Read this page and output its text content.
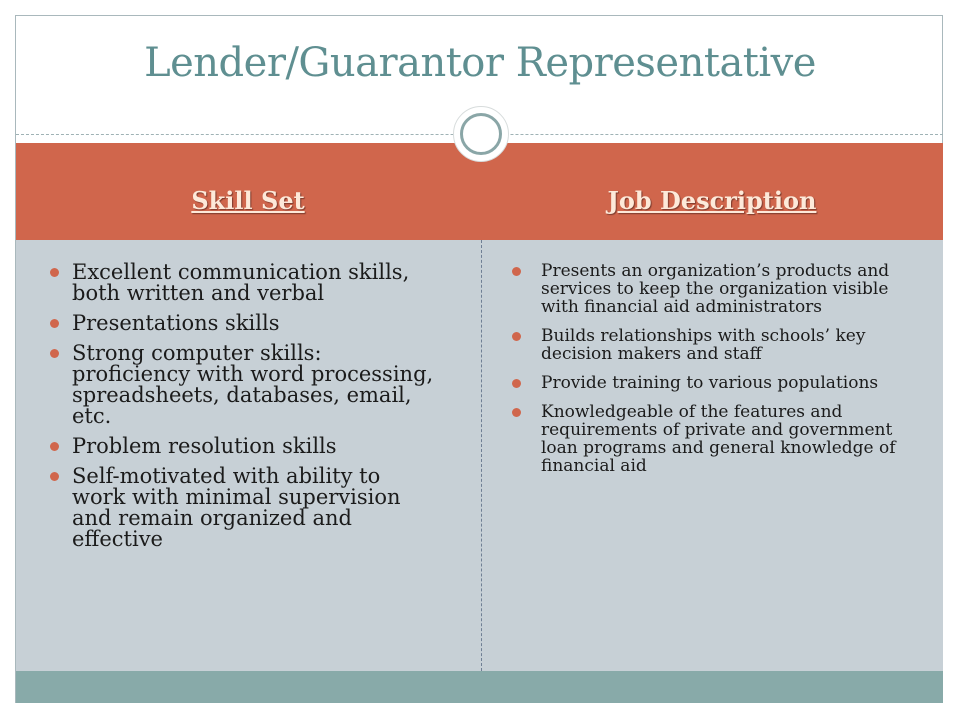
Lender/Guarantor Representative
Skill Set	Job Description
Excellent communication skills, both written and verbal
Presentations skills
Strong computer skills: proficiency with word processing, spreadsheets, databases, email, etc.
Problem resolution skills
Self-motivated with ability to work with minimal supervision and remain organized and effective
Presents an organization’s products and services to keep the organization visible with financial aid administrators
Builds relationships with schools’ key decision makers and staff
Provide training to various populations
Knowledgeable of the features and requirements of private and government loan programs and general knowledge of financial aid
